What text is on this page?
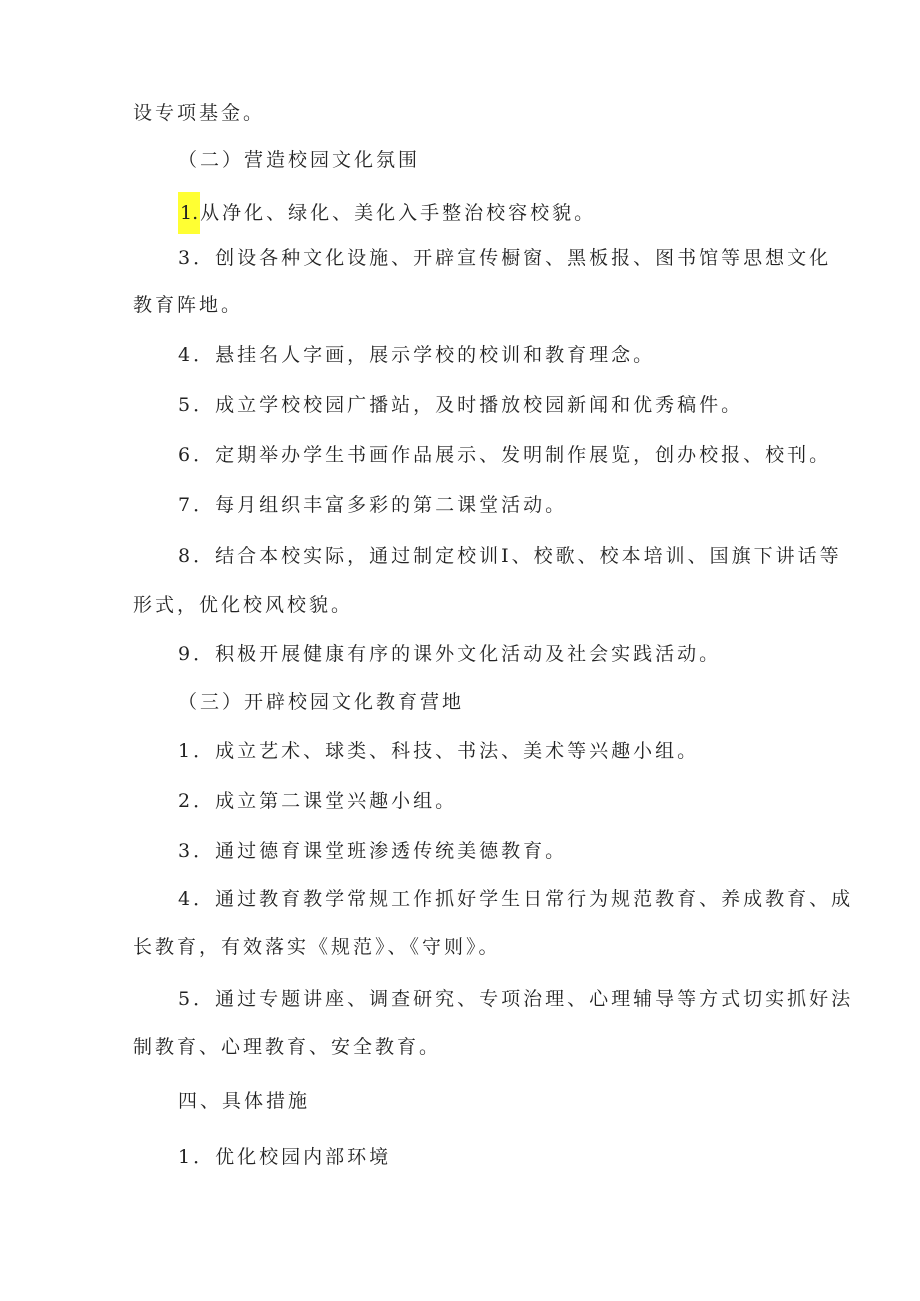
设专项基金。
（二）营造校园文化氛围
1. 从净化、绿化、美化入手整治校容校貌。
3．创设各种文化设施、开辟宣传橱窗、黑板报、图书馆等思想文化
教育阵地。
4．悬挂名人字画，展示学校的校训和教育理念。
5．成立学校校园广播站，及时播放校园新闻和优秀稿件。
6．定期举办学生书画作品展示、发明制作展览，创办校报、校刊。
7．每月组织丰富多彩的第二课堂活动。
8．结合本校实际，通过制定校训I、校歌、校本培训、国旗下讲话等
形式，优化校风校貌。
9．积极开展健康有序的课外文化活动及社会实践活动。
（三）开辟校园文化教育营地
1．成立艺术、球类、科技、书法、美术等兴趣小组。
2．成立第二课堂兴趣小组。
3．通过德育课堂班渗透传统美德教育。
4．通过教育教学常规工作抓好学生日常行为规范教育、养成教育、成
长教育，有效落实《规范》、《守则》。
5．通过专题讲座、调查研究、专项治理、心理辅导等方式切实抓好法
制教育、心理教育、安全教育。
四、具体措施
1．优化校园内部环境
